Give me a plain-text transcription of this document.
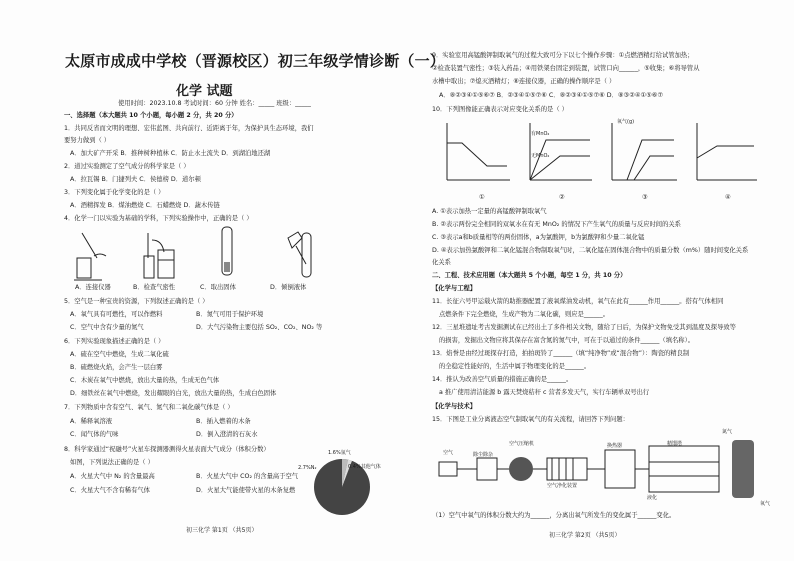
太原市成成中学校（晋源校区）初三年级学情诊断（一）
化学 试题
使用时间：2023.10.8 考试时间：60 分钟 姓名：_____ 班级：_____
一、选择题（本大题共 10 个小题，每小题 2 分，共 20 分）
1．共同反省而文明的理想、宏伟蓝图、共向前行、近距离于年，为保护具生态环境，我们
要努力做到（ ）
A．加大矿产开采 B．推种树种植林 C．防止水土流失 D．到湖泊地还湖
2．道过实验测定了空气成分的科学家是（ ）
A．拉瓦锡 B．门捷列夫 C．侯德榜 D．道尔顿
3．下列变化属于化学变化的是（ ）
A．酒精挥发 B．煤油燃烧 C．石蜡燃烧 D．蔬木传链
4．化学一门以实验为基础的学科，下列实验操作中，正确的是（ ）
A．连接仪器	B．检查气密性	C．取出固体	D．倾倒液体
5．空气是一种宝贵的资源，下列叙述正确的是（ ）
A．氧气具有可燃性，可以作燃料	B．氮气可用于保护环境
C．空气中含有少量的氮气	D．大气污染物主要包括 SO₂、CO₂、NO₂ 等
6．下列实验现象描述正确的是（ ）
A．硫在空气中燃烧，生成二氧化硫
B．硫燃烧火焰，会产生一层白雾
C．木炭在氧气中燃烧，放出大量的热，生成无色气体
D．细铁丝在氧气中燃烧，发出耀眼的白光，放出大量的热，生成白色固体
7．下列物质中含有空气、氧气、氮气和二氧化碳气体是（ ）
A．稀释氧溶液	B．插入燃着的木条
C．闻气体的气味	D．倒入澄清的石灰水
8．科学家通过“祝融号”火星车探测器测得火星表面大气成分（体积分数）
如图，下列说法正确的是（ ）
A．火星大气中 N₂ 的含量最高	B．火星大气中 CO₂ 的含量高于空气
C．火星大气不含有稀有气体	D．火星大气能使带火星的木条复燃
1.6%氩气
2.7%N₂	0.4%其他气体
初三化学 第1页 （共5页）
9．实验室用高锰酸钾制取氧气的过程大致可分下以七个操作步骤：①点燃酒精灯给试管加热；
②检查装置气密性；③装入药品；④用铁架台固定到装置，试管口向______，⑤收集；⑥将导管从
水槽中取出；⑦熄灭酒精灯；⑧连接仪器，正确的操作顺序是（ ）
A．⑧②③④①⑤⑥⑦ B．②③④①⑤⑦⑥ C．⑧②③④①⑤⑦⑥ D．⑧③②④①⑤⑥⑦
10．下列图像能正确表示对应变化关系的是（ ）
有MnO₂
无MnO₂
氧气(g)
①	②	③	④
A. ①表示加热一定量的高锰酸钾制取氧气
B. ②表示两份完全相同的双氧水在有无 MnO₂ 的情况下产生氧气的质量与反应时间的关系
C. ③表示a和b质量相等的两份固体，a为氯酸钾，b为氯酸钾和少量二氧化锰
D. ④表示加热氯酸钾和二氧化锰混合物制取氧气时，二氧化锰在固体混合物中的质量分数（m%）随时间变化关系
化关系
二、工程、技术应用题（本大题共 5 个小题，每空 1 分，共 10 分）
【化学与工程】
11．长征六号甲运载火箭的助推器配置了液氧煤油发动机，氧气在此有______作用______。搭有气体相同
点燃条件下完全燃烧，生成产物为二氧化碳，则应是______。
12．三星堆遗址考古发掘测试在已经出土了多件相关文物，随给了日后，为保护文物免受其到温度及探导致等
的损害，发掘出文物应将其保存在富含氮的氮气中，可在于以通过的条件______（填名称）。
13．焰誉是由经过斑探存打造，拍拍斑铃了______（填“纯净物”或“混合物”）：陶瓷的精良制
的全稳定性能好的，生活中属于物理变化的是______。
14．推认为改善空气质量的措施正确的是______。
a 推广使用清洁能源 b 露天焚烧秸秆 c 营者多发天气，实行车辆单双号出行
【化学与技术】
15．下图是工业分离液态空气制取氧气的有关流程，请回答下列问题：
空气	除尘除杂
空气压缩机
空气净化装置
换热器
液化
精馏塔
氮气
氧气
（1）空气中氧气的体积分数大约为______，分离出氧气所发生的变化属于______变化。
初三化学 第2页 （共5页）
